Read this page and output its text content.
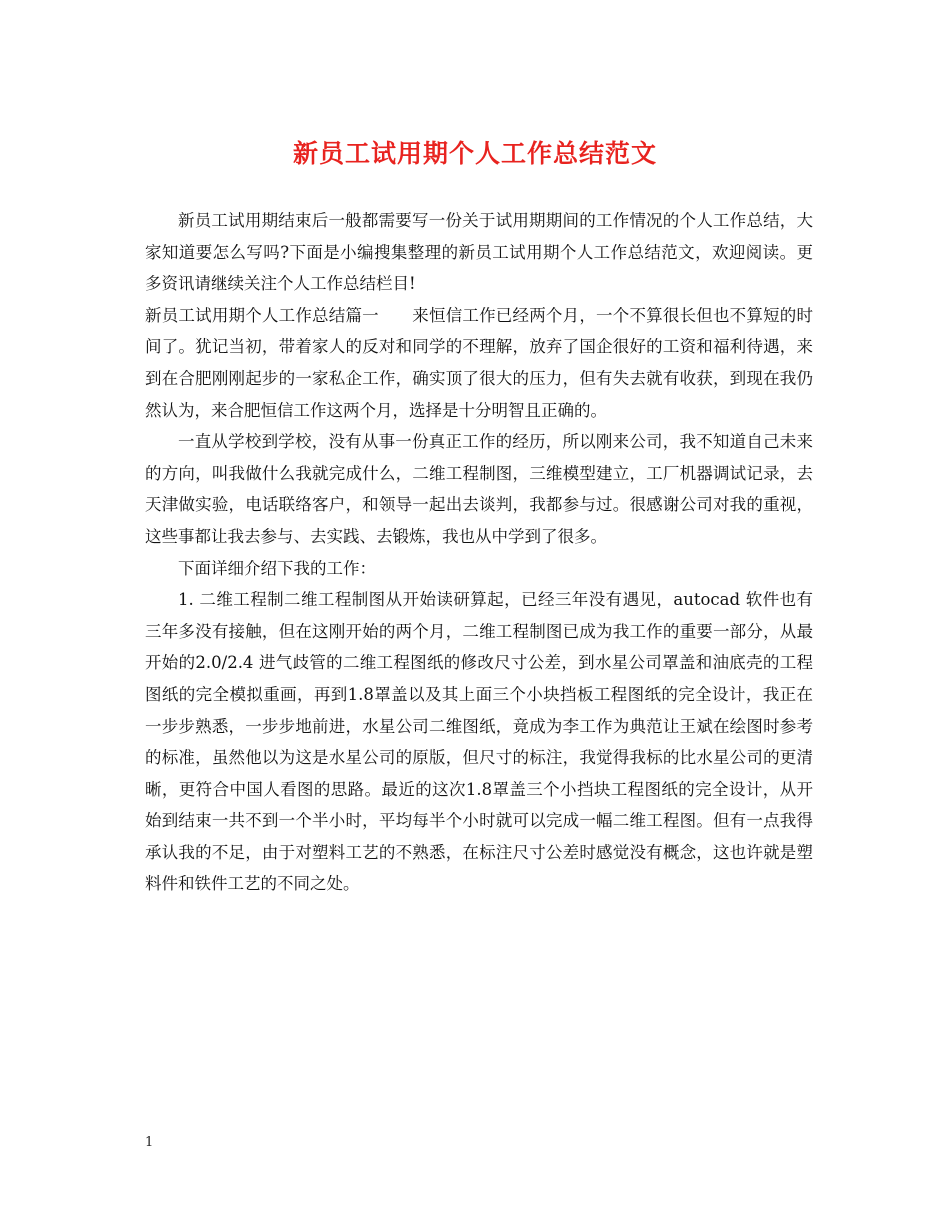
新员工试用期个人工作总结范文

新员工试用期结束后一般都需要写一份关于试用期期间的工作情况的个人工作总结，大家知道要怎么写吗?下面是小编搜集整理的新员工试用期个人工作总结范文，欢迎阅读。更多资讯请继续关注个人工作总结栏目!

新员工试用期个人工作总结篇一　　来恒信工作已经两个月，一个不算很长但也不算短的时间了。犹记当初，带着家人的反对和同学的不理解，放弃了国企很好的工资和福利待遇，来到在合肥刚刚起步的一家私企工作，确实顶了很大的压力，但有失去就有收获，到现在我仍然认为，来合肥恒信工作这两个月，选择是十分明智且正确的。

一直从学校到学校，没有从事一份真正工作的经历，所以刚来公司，我不知道自己未来的方向，叫我做什么我就完成什么，二维工程制图，三维模型建立，工厂机器调试记录，去天津做实验，电话联络客户，和领导一起出去谈判，我都参与过。很感谢公司对我的重视，这些事都让我去参与、去实践、去锻炼，我也从中学到了很多。

下面详细介绍下我的工作：

1. 二维工程制二维工程制图从开始读研算起，已经三年没有遇见，autocad 软件也有三年多没有接触，但在这刚开始的两个月，二维工程制图已成为我工作的重要一部分，从最开始的2.0/2.4 进气歧管的二维工程图纸的修改尺寸公差，到水星公司罩盖和油底壳的工程图纸的完全模拟重画，再到1.8罩盖以及其上面三个小块挡板工程图纸的完全设计，我正在一步步熟悉，一步步地前进，水星公司二维图纸，竟成为李工作为典范让王斌在绘图时参考的标准，虽然他以为这是水星公司的原版，但尺寸的标注，我觉得我标的比水星公司的更清晰，更符合中国人看图的思路。最近的这次1.8罩盖三个小挡块工程图纸的完全设计，从开始到结束一共不到一个半小时，平均每半个小时就可以完成一幅二维工程图。但有一点我得承认我的不足，由于对塑料工艺的不熟悉，在标注尺寸公差时感觉没有概念，这也许就是塑料件和铁件工艺的不同之处。

1
